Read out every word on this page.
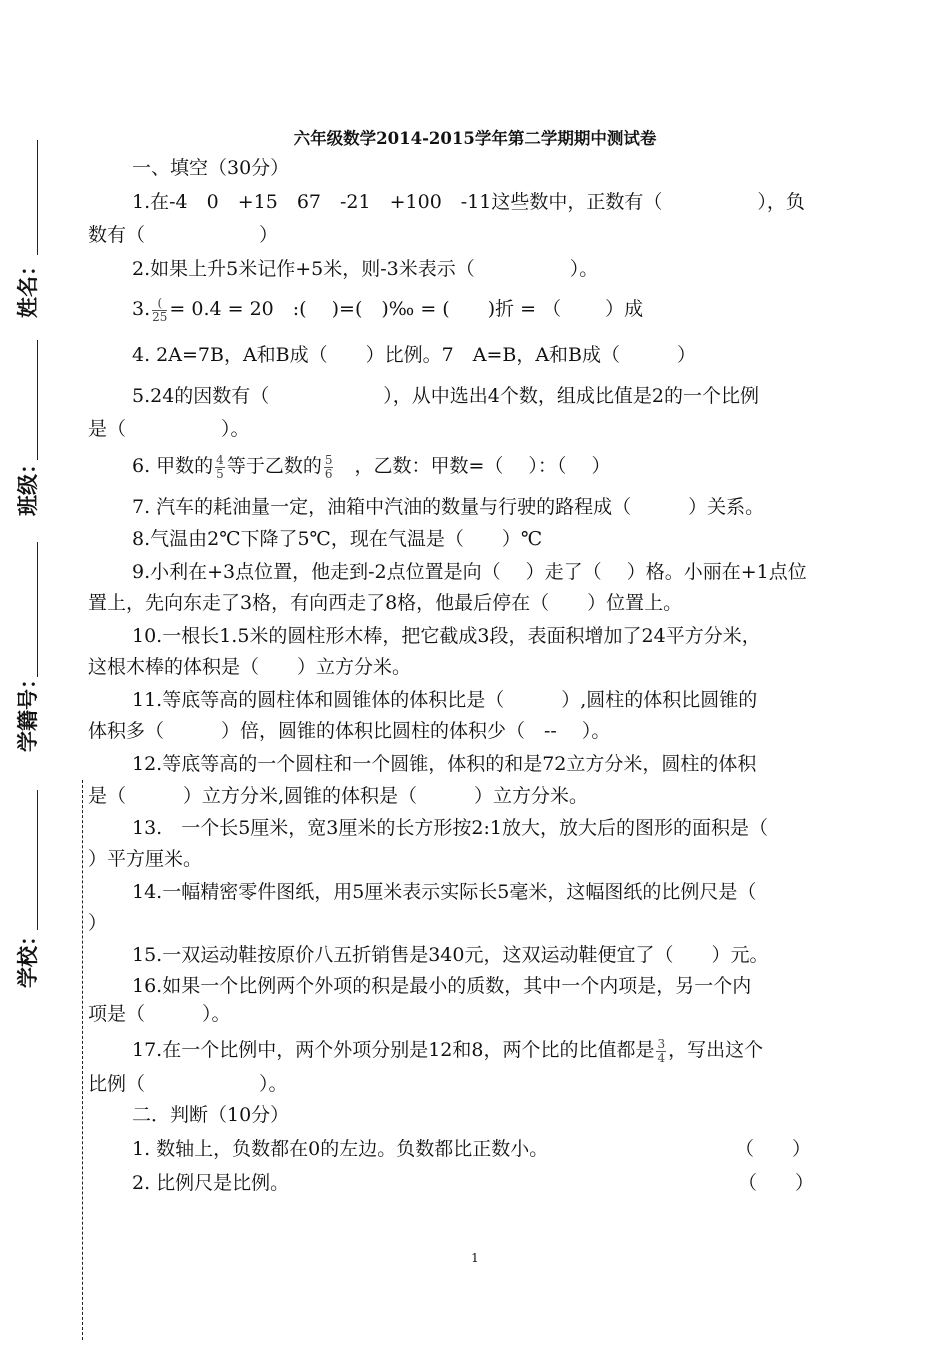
姓名：
班级：
学籍号：
学校：
六年级数学2014-2015学年第二学期期中测试卷
一、填空（30分）
1.在-4　0　+15　67　-21　+100　-11这些数中，正数有（　　　　　），负
数有（　　　　　　）
2.如果上升5米记作+5米，则-3米表示（　　　　　）。
3. $\frac{(}{25} = 0.4 = 20$　:(　 )=(　)‰ = (　　)折 = （　　 ）成
4. 2A=7B，A和B成（　　）比例。7　A=B，A和B成（　　　）
5.24的因数有（　　　　　　），从中选出4个数，组成比值是2的一个比例
是（　　　　　）。
6. 甲数的 $\frac{4}{5}$ 等于乙数的 $\frac{5}{6}$ 　，乙数：甲数=（　 ）：（　 ）
7. 汽车的耗油量一定，油箱中汽油的数量与行驶的路程成（　　　）关系。
8.气温由2℃下降了5℃，现在气温是（　　）℃
9.小利在+3点位置，他走到-2点位置是向（　 ）走了（　 ）格。小丽在+1点位
置上，先向东走了3格，有向西走了8格，他最后停在（　　）位置上。
10.一根长1.5米的圆柱形木棒，把它截成3段，表面积增加了24平方分米，
这根木棒的体积是（　　）立方分米。
11.等底等高的圆柱体和圆锥体的体积比是（　　　）,圆柱的体积比圆锥的
体积多（　　　）倍，圆锥的体积比圆柱的体积少（　--　 ）。
12.等底等高的一个圆柱和一个圆锥，体积的和是72立方分米，圆柱的体积
是（　　　）立方分米,圆锥的体积是（　　　）立方分米。
13.　一个长5厘米，宽3厘米的长方形按2:1放大，放大后的图形的面积是（
）平方厘米。
14.一幅精密零件图纸，用5厘米表示实际长5毫米，这幅图纸的比例尺是（
）
15.一双运动鞋按原价八五折销售是340元，这双运动鞋便宜了（　　）元。
16.如果一个比例两个外项的积是最小的质数，其中一个内项是，另一个内
项是（　　　）。
17.在一个比例中，两个外项分别是12和8，两个比的比值都是 $\frac{3}{4}$ ，写出这个
比例（　　　　　　）。
二．判断（10分）
1. 数轴上，负数都在0的左边。负数都比正数小。	（　　）
2. 比例尺是比例。	（　　）
1
